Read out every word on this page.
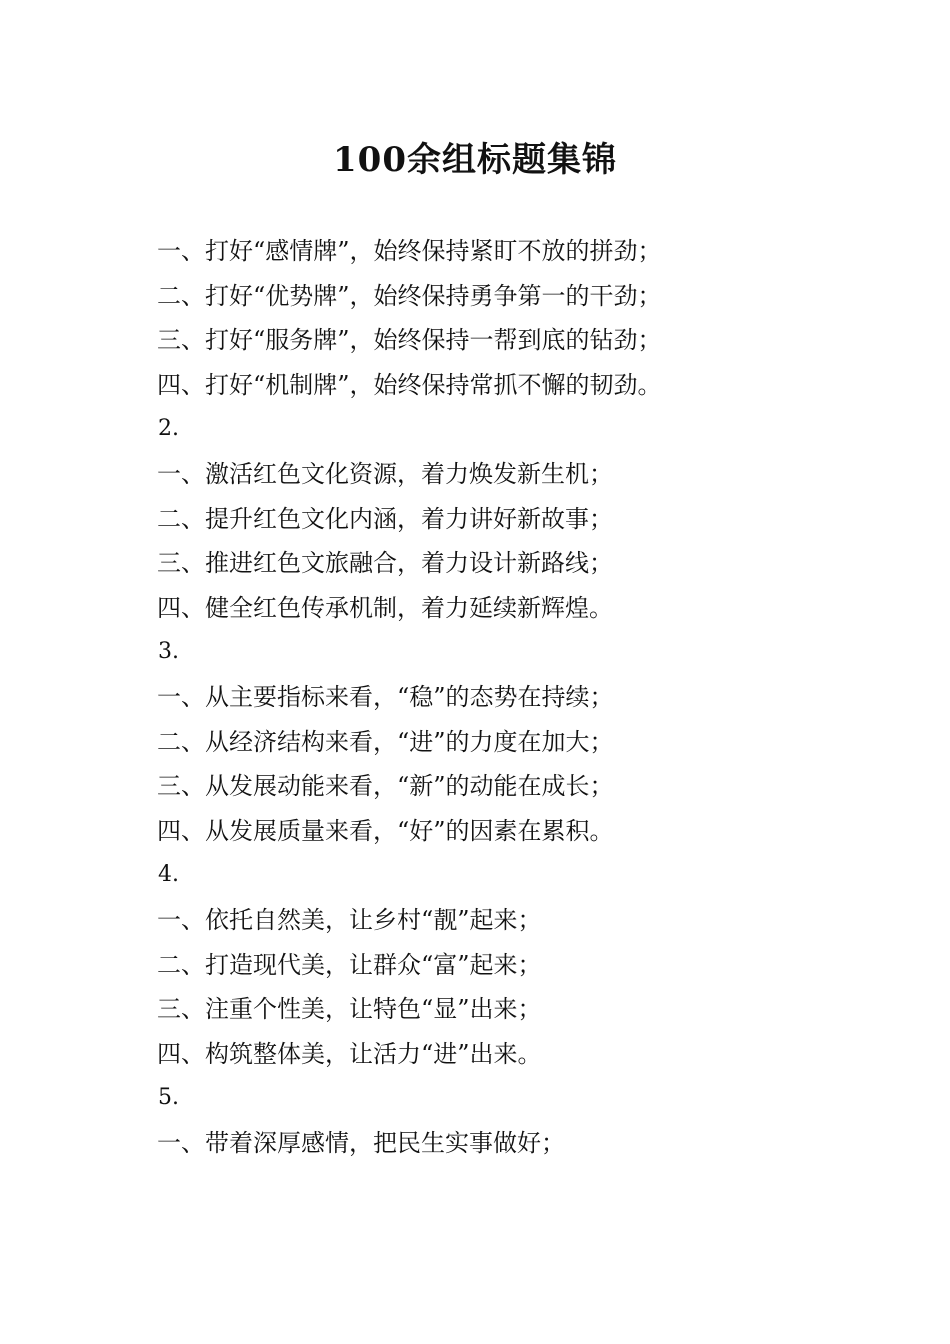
100余组标题集锦
一、打好“感情牌”，始终保持紧盯不放的拼劲；
二、打好“优势牌”，始终保持勇争第一的干劲；
三、打好“服务牌”，始终保持一帮到底的钻劲；
四、打好“机制牌”，始终保持常抓不懈的韧劲。
2.
一、激活红色文化资源，着力焕发新生机；
二、提升红色文化内涵，着力讲好新故事；
三、推进红色文旅融合，着力设计新路线；
四、健全红色传承机制，着力延续新辉煌。
3.
一、从主要指标来看，“稳”的态势在持续；
二、从经济结构来看，“进”的力度在加大；
三、从发展动能来看，“新”的动能在成长；
四、从发展质量来看，“好”的因素在累积。
4.
一、依托自然美，让乡村“靓”起来；
二、打造现代美，让群众“富”起来；
三、注重个性美，让特色“显”出来；
四、构筑整体美，让活力“进”出来。
5.
一、带着深厚感情，把民生实事做好；
